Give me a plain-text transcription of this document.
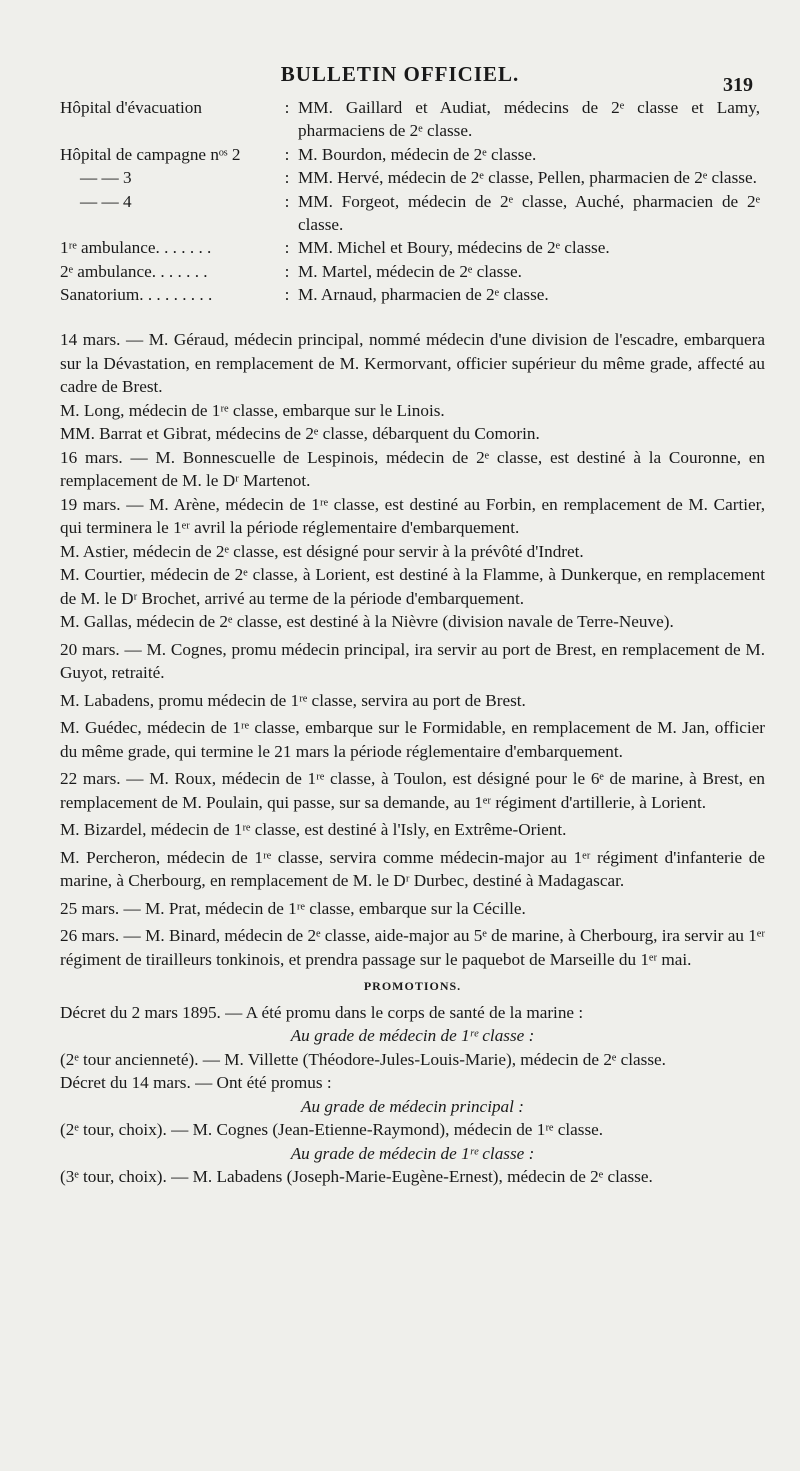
BULLETIN OFFICIEL.	319
Hôpital d'évacuation	: MM. Gaillard et Audiat, médecins de 2ᵉ classe et Lamy, pharmaciens de 2ᵉ classe.
Hôpital de campagne nᵒˢ 2	: M. Bourdon, médecin de 2ᵉ classe.
— — 3	: MM. Hervé, médecin de 2ᵉ classe, Pellen, pharmacien de 2ᵉ classe.
— — 4	: MM. Forgeot, médecin de 2ᵉ classe, Auché, pharmacien de 2ᵉ classe.
1ʳᵉ ambulance. . . . . . .	: MM. Michel et Boury, médecins de 2ᵉ classe.
2ᵉ ambulance. . . . . . .	: M. Martel, médecin de 2ᵉ classe.
Sanatorium. . . . . . . . .	: M. Arnaud, pharmacien de 2ᵉ classe.

14 mars. — M. Géraud, médecin principal, nommé médecin d'une division de l'escadre, embarquera sur la Dévastation, en remplacement de M. Kermorvant, officier supérieur du même grade, affecté au cadre de Brest.

M. Long, médecin de 1ʳᵉ classe, embarque sur le Linois.

MM. Barrat et Gibrat, médecins de 2ᵉ classe, débarquent du Comorin.

16 mars. — M. Bonnescuelle de Lespinois, médecin de 2ᵉ classe, est destiné à la Couronne, en remplacement de M. le Dʳ Martenot.

19 mars. — M. Arène, médecin de 1ʳᵉ classe, est destiné au Forbin, en remplacement de M. Cartier, qui terminera le 1ᵉʳ avril la période réglementaire d'embarquement.

M. Astier, médecin de 2ᵉ classe, est désigné pour servir à la prévôté d'Indret.

M. Courtier, médecin de 2ᵉ classe, à Lorient, est destiné à la Flamme, à Dunkerque, en remplacement de M. le Dʳ Brochet, arrivé au terme de la période d'embarquement.

M. Gallas, médecin de 2ᵉ classe, est destiné à la Nièvre (division navale de Terre-Neuve).

20 mars. — M. Cognes, promu médecin principal, ira servir au port de Brest, en remplacement de M. Guyot, retraité.

M. Labadens, promu médecin de 1ʳᵉ classe, servira au port de Brest.

M. Guédec, médecin de 1ʳᵉ classe, embarque sur le Formidable, en remplacement de M. Jan, officier du même grade, qui termine le 21 mars la période réglementaire d'embarquement.

22 mars. — M. Roux, médecin de 1ʳᵉ classe, à Toulon, est désigné pour le 6ᵉ de marine, à Brest, en remplacement de M. Poulain, qui passe, sur sa demande, au 1ᵉʳ régiment d'artillerie, à Lorient.

M. Bizardel, médecin de 1ʳᵉ classe, est destiné à l'Isly, en Extrême-Orient.

M. Percheron, médecin de 1ʳᵉ classe, servira comme médecin-major au 1ᵉʳ régiment d'infanterie de marine, à Cherbourg, en remplacement de M. le Dʳ Durbec, destiné à Madagascar.

25 mars. — M. Prat, médecin de 1ʳᵉ classe, embarque sur la Cécille.

26 mars. — M. Binard, médecin de 2ᵉ classe, aide-major au 5ᵉ de marine, à Cherbourg, ira servir au 1ᵉʳ régiment de tirailleurs tonkinois, et prendra passage sur le paquebot de Marseille du 1ᵉʳ mai.

PROMOTIONS.

Décret du 2 mars 1895. — A été promu dans le corps de santé de la marine :

Au grade de médecin de 1ʳᵉ classe :

(2ᵉ tour ancienneté). — M. Villette (Théodore-Jules-Louis-Marie), médecin de 2ᵉ classe.

Décret du 14 mars. — Ont été promus :

Au grade de médecin principal :

(2ᵉ tour, choix). — M. Cognes (Jean-Etienne-Raymond), médecin de 1ʳᵉ classe.

Au grade de médecin de 1ʳᵉ classe :

(3ᵉ tour, choix). — M. Labadens (Joseph-Marie-Eugène-Ernest), médecin de 2ᵉ classe.
